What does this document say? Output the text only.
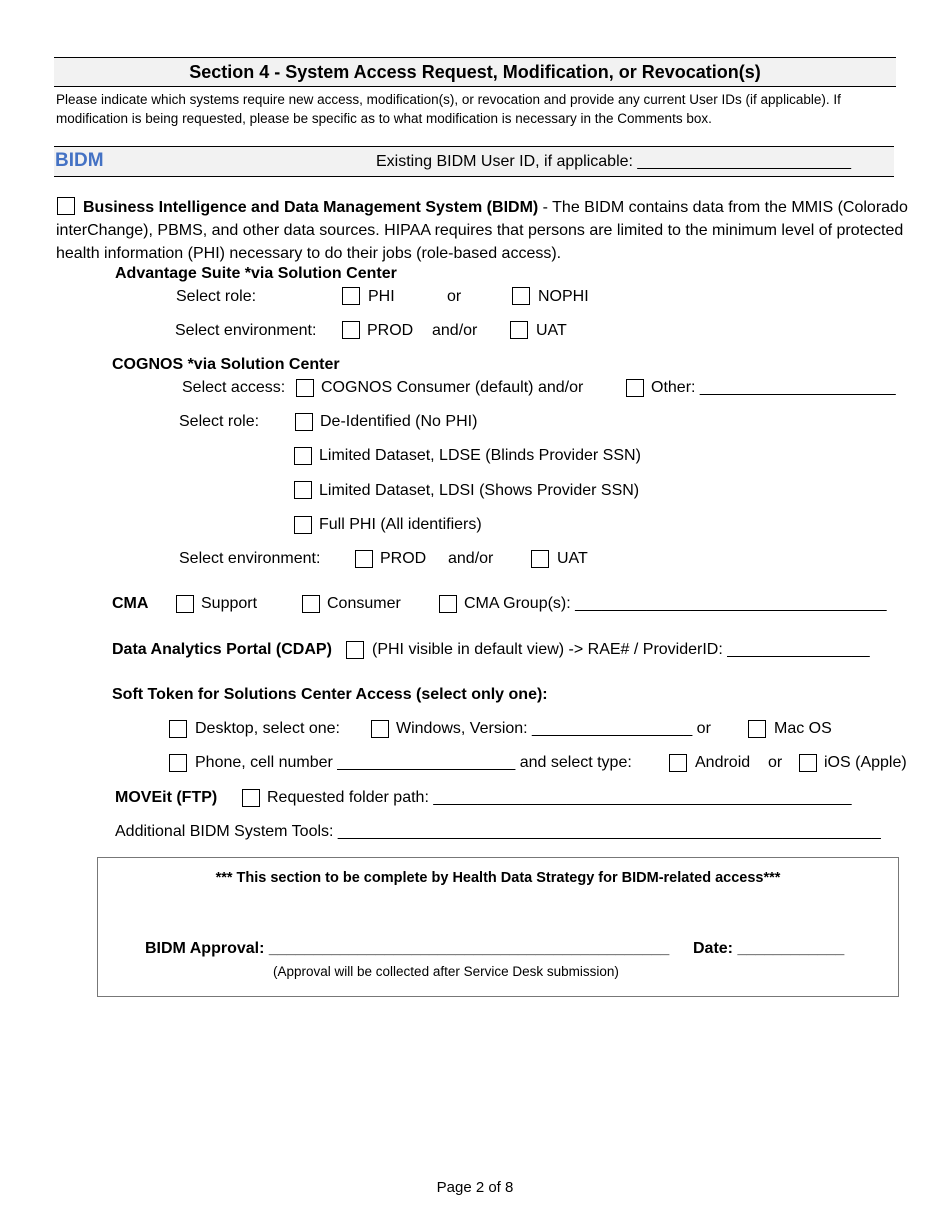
Section 4 - System Access Request, Modification, or Revocation(s)
Please indicate which systems require new access, modification(s), or revocation and provide any current User IDs (if applicable). If modification is being requested, please be specific as to what modification is necessary in the Comments box.
BIDM	Existing BIDM User ID, if applicable: ________________________
Business Intelligence and Data Management System (BIDM) - The BIDM contains data from the MMIS (Colorado interChange), PBMS, and other data sources. HIPAA requires that persons are limited to the minimum level of protected health information (PHI) necessary to do their jobs (role-based access).
Advantage Suite *via Solution Center
Select role:	PHI	or	NOPHI
Select environment:	PROD and/or	UAT
COGNOS *via Solution Center
Select access: COGNOS Consumer (default) and/or	Other: ______________________
Select role:	De-Identified (No PHI)
Limited Dataset, LDSE (Blinds Provider SSN)
Limited Dataset, LDSI (Shows Provider SSN)
Full PHI (All identifiers)
Select environment:	PROD and/or	UAT
CMA	Support	Consumer	CMA Group(s): ___________________________________
Data Analytics Portal (CDAP)	(PHI visible in default view) -> RAE# / ProviderID: ________________
Soft Token for Solutions Center Access (select only one):
Desktop, select one:	Windows, Version: __________________ or	Mac OS
Phone, cell number ____________________ and select type:	Android or	iOS (Apple)
MOVEit (FTP)	Requested folder path: _______________________________________________
Additional BIDM System Tools: _____________________________________________________________
*** This section to be complete by Health Data Strategy for BIDM-related access***
BIDM Approval: _____________________________________________ Date: ____________
(Approval will be collected after Service Desk submission)
Page 2 of 8
